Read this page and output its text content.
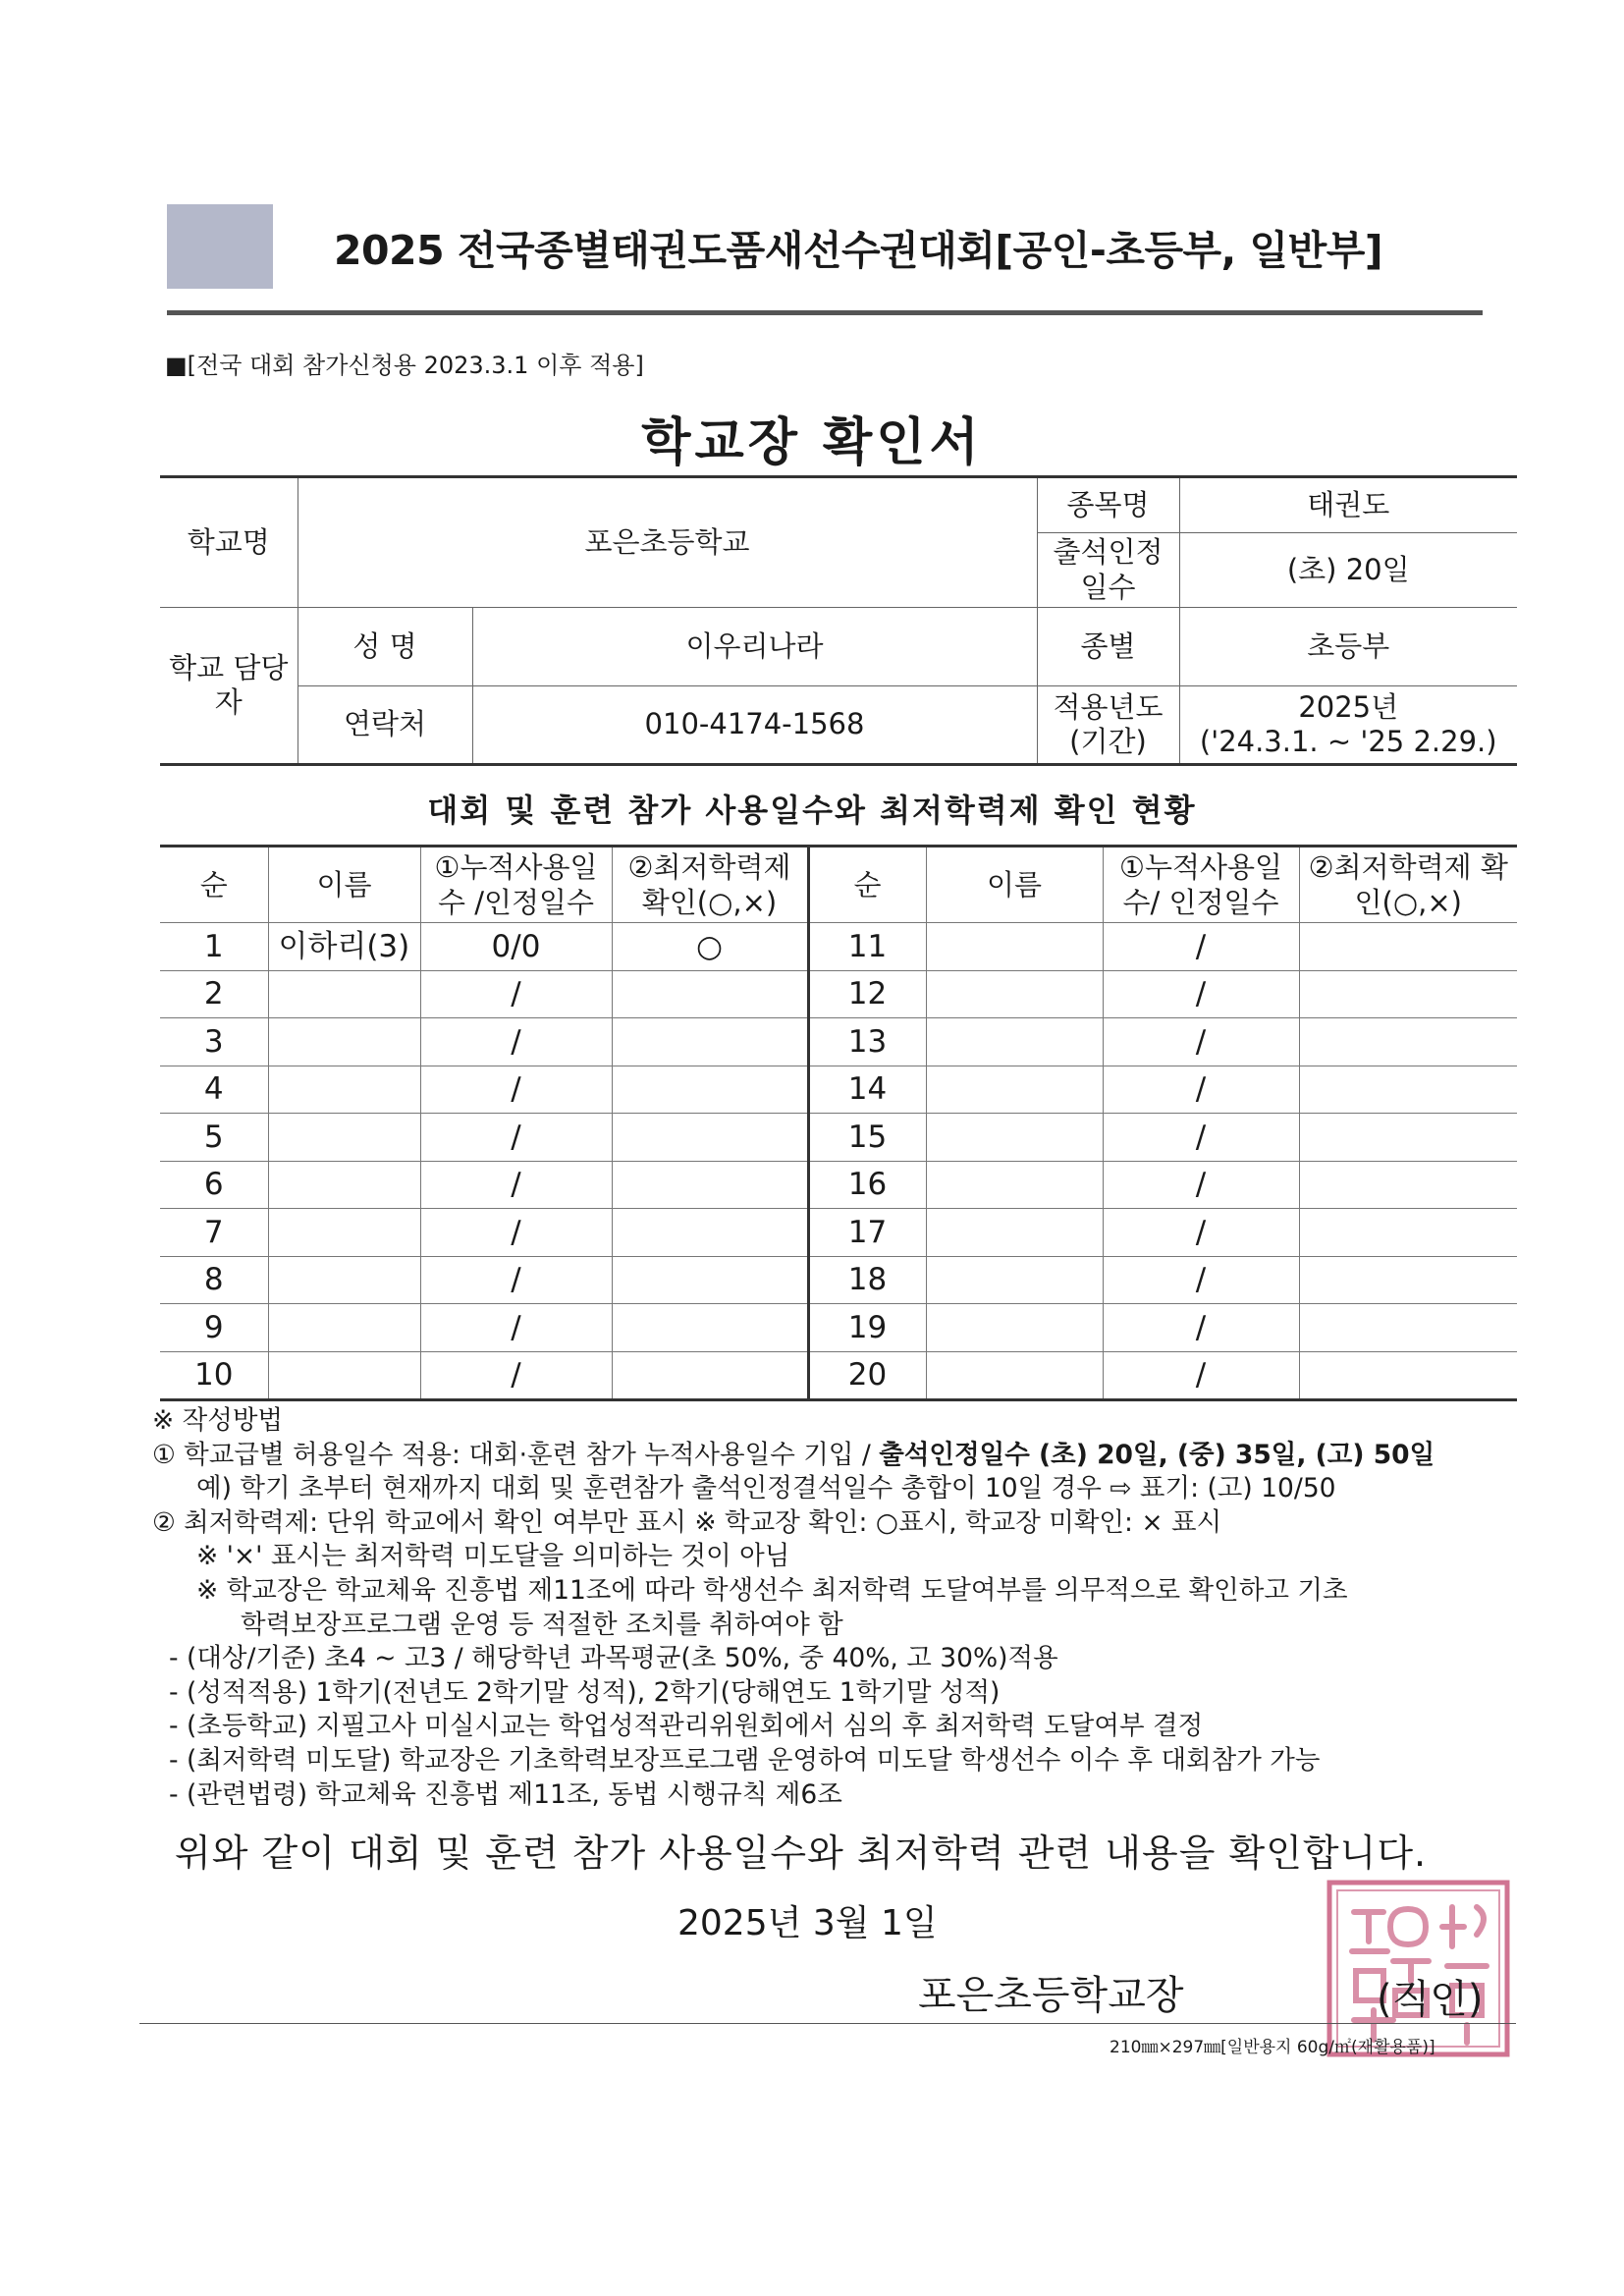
2025 전국종별태권도품새선수권대회[공인-초등부, 일반부]
■[전국 대회 참가신청용 2023.3.1 이후 적용]
학교장 확인서
학교명	포은초등학교		종목명	태권도
			출석인정 일수	(초) 20일
학교 담당자	성 명	이우리나라	종별	초등부
	연락처	010-4174-1568	적용년도 (기간)	2025년
('24.3.1. ~ '25 2.29.)
대회 및 훈련 참가 사용일수와 최저학력제 확인 현황
순	이름	①누적사용일수 /인정일수	②최저학력제 확인(○,×)	순	이름	①누적사용일수/ 인정일수	②최저학력제 확인(○,×)
1	이하리(3)	0/0	○	11		/	
2		/		12		/	
3		/		13		/	
4		/		14		/	
5		/		15		/	
6		/		16		/	
7		/		17		/	
8		/		18		/	
9		/		19		/	
10		/		20		/	
※ 작성방법
① 학교급별 허용일수 적용: 대회·훈련 참가 누적사용일수 기입 / 출석인정일수 (초) 20일, (중) 35일, (고) 50일
예) 학기 초부터 현재까지 대회 및 훈련참가 출석인정결석일수 총합이 10일 경우 ⇨ 표기: (고) 10/50
② 최저학력제: 단위 학교에서 확인 여부만 표시 ※ 학교장 확인: ○표시, 학교장 미확인: × 표시
※ '×' 표시는 최저학력 미도달을 의미하는 것이 아님
※ 학교장은 학교체육 진흥법 제11조에 따라 학생선수 최저학력 도달여부를 의무적으로 확인하고 기초
학력보장프로그램 운영 등 적절한 조치를 취하여야 함
- (대상/기준) 초4 ~ 고3 / 해당학년 과목평균(초 50%, 중 40%, 고 30%)적용
- (성적적용) 1학기(전년도 2학기말 성적), 2학기(당해연도 1학기말 성적)
- (초등학교) 지필고사 미실시교는 학업성적관리위원회에서 심의 후 최저학력 도달여부 결정
- (최저학력 미도달) 학교장은 기초학력보장프로그램 운영하여 미도달 학생선수 이수 후 대회참가 가능
- (관련법령) 학교체육 진흥법 제11조, 동법 시행규칙 제6조
위와 같이 대회 및 훈련 참가 사용일수와 최저학력 관련 내용을 확인합니다.
2025년 3월 1일
포은초등학교장	(직인)
210㎜×297㎜[일반용지 60g/㎡(재활용품)]
